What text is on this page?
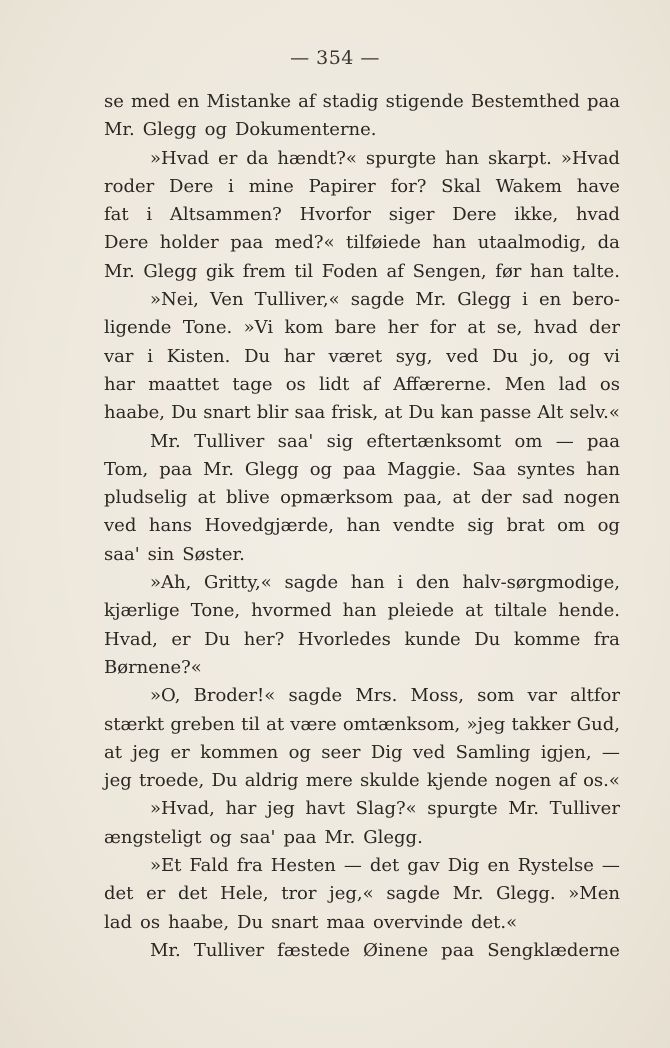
— 354 —
se med en Mistanke af stadig stigende Bestemthed paa
Mr. Glegg og Dokumenterne.
»Hvad er da hændt?« spurgte han skarpt. »Hvad
roder Dere i mine Papirer for? Skal Wakem have
fat i Altsammen? Hvorfor siger Dere ikke, hvad
Dere holder paa med?« tilføiede han utaalmodig, da
Mr. Glegg gik frem til Foden af Sengen, før han talte.
»Nei, Ven Tulliver,« sagde Mr. Glegg i en bero-
ligende Tone. »Vi kom bare her for at se, hvad der
var i Kisten. Du har været syg, ved Du jo, og vi
har maattet tage os lidt af Affærerne. Men lad os
haabe, Du snart blir saa frisk, at Du kan passe Alt selv.«
Mr. Tulliver saa' sig eftertænksomt om — paa
Tom, paa Mr. Glegg og paa Maggie. Saa syntes han
pludselig at blive opmærksom paa, at der sad nogen
ved hans Hovedgjærde, han vendte sig brat om og
saa' sin Søster.
»Ah, Gritty,« sagde han i den halv-sørgmodige,
kjærlige Tone, hvormed han pleiede at tiltale hende.
Hvad, er Du her? Hvorledes kunde Du komme fra
Børnene?«
»O, Broder!« sagde Mrs. Moss, som var altfor
stærkt greben til at være omtænksom, »jeg takker Gud,
at jeg er kommen og seer Dig ved Samling igjen, —
jeg troede, Du aldrig mere skulde kjende nogen af os.«
»Hvad, har jeg havt Slag?« spurgte Mr. Tulliver
ængsteligt og saa' paa Mr. Glegg.
»Et Fald fra Hesten — det gav Dig en Rystelse —
det er det Hele, tror jeg,« sagde Mr. Glegg. »Men
lad os haabe, Du snart maa overvinde det.«
Mr. Tulliver fæstede Øinene paa Sengklæderne
